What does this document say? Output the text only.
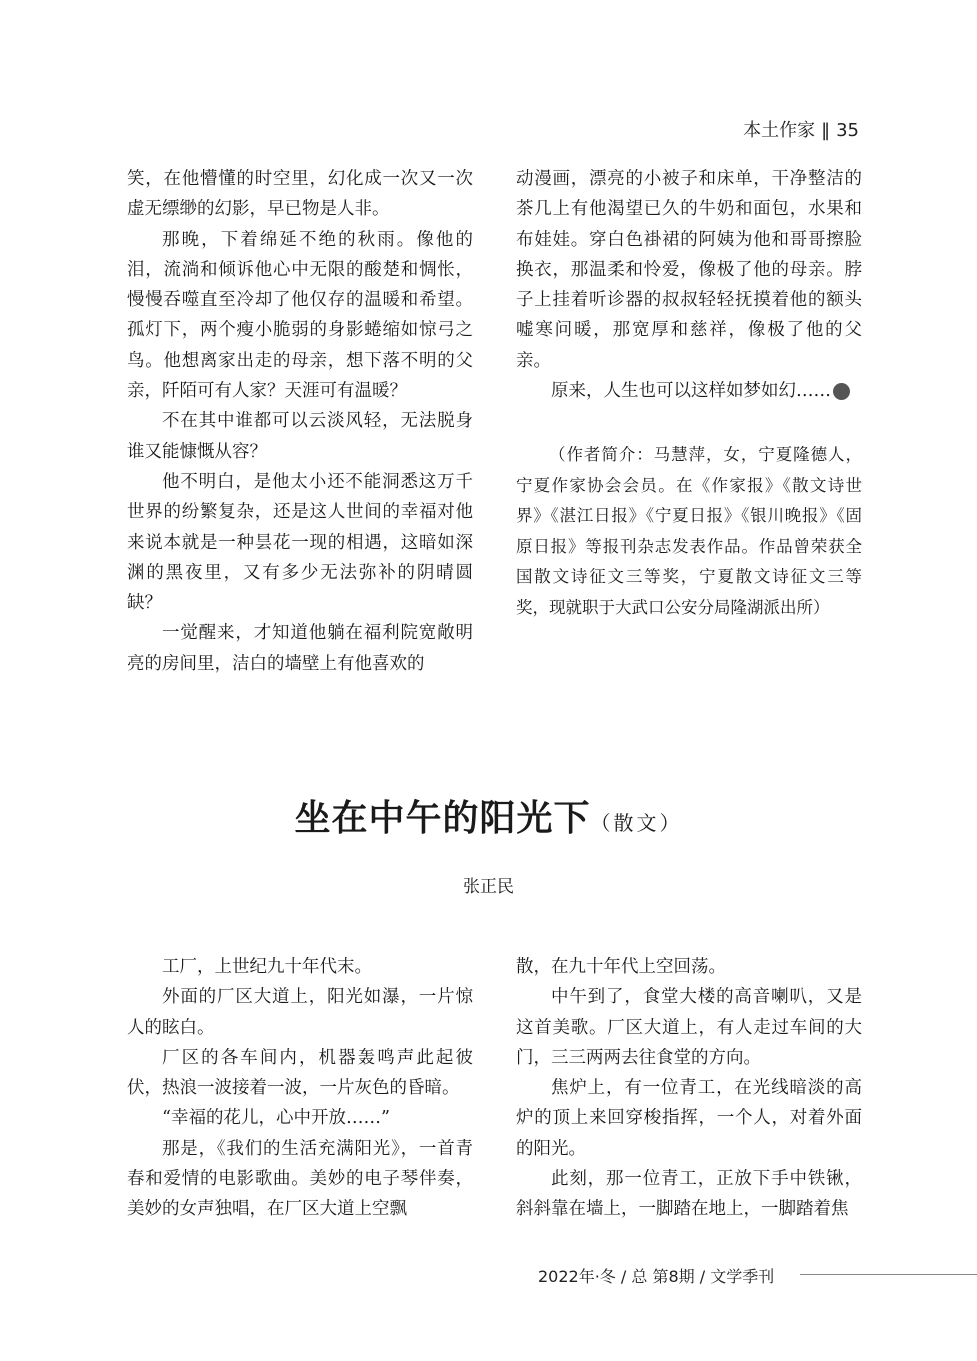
本土作家 ‖ 35

笑，在他懵懂的时空里，幻化成一次又一次虚无缥缈的幻影，早已物是人非。

那晚，下着绵延不绝的秋雨。像他的泪，流淌和倾诉他心中无限的酸楚和惆怅，慢慢吞噬直至冷却了他仅存的温暖和希望。孤灯下，两个瘦小脆弱的身影蜷缩如惊弓之鸟。他想离家出走的母亲，想下落不明的父亲，阡陌可有人家？天涯可有温暖？

不在其中谁都可以云淡风轻，无法脱身谁又能慷慨从容？

他不明白，是他太小还不能洞悉这万千世界的纷繁复杂，还是这人世间的幸福对他来说本就是一种昙花一现的相遇，这暗如深渊的黑夜里，又有多少无法弥补的阴晴圆缺？

一觉醒来，才知道他躺在福利院宽敞明亮的房间里，洁白的墙壁上有他喜欢的

动漫画，漂亮的小被子和床单，干净整洁的茶几上有他渴望已久的牛奶和面包，水果和布娃娃。穿白色褂裙的阿姨为他和哥哥擦脸换衣，那温柔和怜爱，像极了他的母亲。脖子上挂着听诊器的叔叔轻轻抚摸着他的额头嘘寒问暖，那宽厚和慈祥，像极了他的父亲。

原来，人生也可以这样如梦如幻……	清

（作者简介：马慧萍，女，宁夏隆德人，宁夏作家协会会员。在《作家报》《散文诗世界》《湛江日报》《宁夏日报》《银川晚报》《固原日报》等报刊杂志发表作品。作品曾荣获全国散文诗征文三等奖，宁夏散文诗征文三等奖，现就职于大武口公安分局隆湖派出所）

坐在中午的阳光下（散文）
张正民

工厂，上世纪九十年代末。

外面的厂区大道上，阳光如瀑，一片惊人的眩白。

厂区的各车间内，机器轰鸣声此起彼伏，热浪一波接着一波，一片灰色的昏暗。

“幸福的花儿，心中开放……”

那是，《我们的生活充满阳光》，一首青春和爱情的电影歌曲。美妙的电子琴伴奏，美妙的女声独唱，在厂区大道上空飘

散，在九十年代上空回荡。

中午到了，食堂大楼的高音喇叭，又是这首美歌。厂区大道上，有人走过车间的大门，三三两两去往食堂的方向。

焦炉上，有一位青工，在光线暗淡的高炉的顶上来回穿梭指挥，一个人，对着外面的阳光。

此刻，那一位青工，正放下手中铁锹，斜斜靠在墙上，一脚踏在地上，一脚踏着焦

2022年·冬 / 总 第8期 / 文学季刊
